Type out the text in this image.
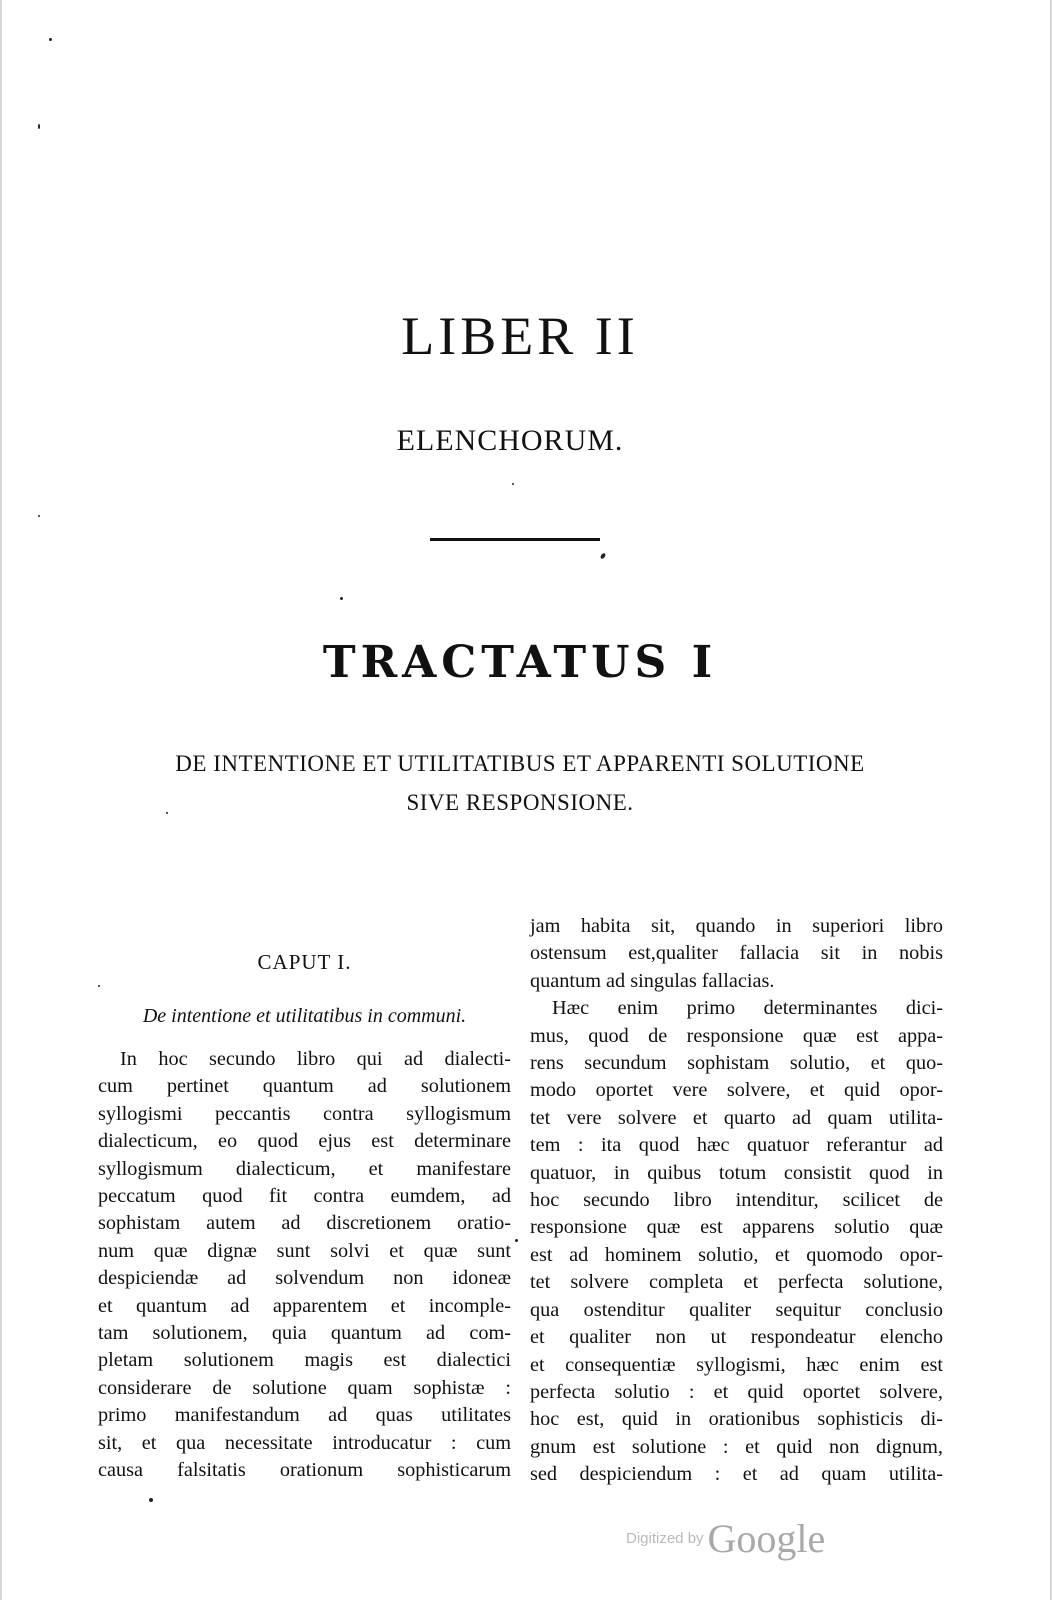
LIBER II
ELENCHORUM.
TRACTATUS I
DE INTENTIONE ET UTILITATIBUS ET APPARENTI SOLUTIONE
SIVE RESPONSIONE.
CAPUT I.
De intentione et utilitatibus in communi.
In hoc secundo libro qui ad dialecti-
cum pertinet quantum ad solutionem
syllogismi peccantis contra syllogismum
dialecticum, eo quod ejus est determinare
syllogismum dialecticum, et manifestare
peccatum quod fit contra eumdem, ad
sophistam autem ad discretionem oratio-
num quæ dignæ sunt solvi et quæ sunt
despiciendæ ad solvendum non idoneæ
et quantum ad apparentem et incomple-
tam solutionem, quia quantum ad com-
pletam solutionem magis est dialectici
considerare de solutione quam sophistæ :
primo manifestandum ad quas utilitates
sit, et qua necessitate introducatur : cum
causa falsitatis orationum sophisticarum
jam habita sit, quando in superiori libro
ostensum est,qualiter fallacia sit in nobis
quantum ad singulas fallacias.
Hæc enim primo determinantes dici-
mus, quod de responsione quæ est appa-
rens secundum sophistam solutio, et quo-
modo oportet vere solvere, et quid opor-
tet vere solvere et quarto ad quam utilita-
tem : ita quod hæc quatuor referantur ad
quatuor, in quibus totum consistit quod in
hoc secundo libro intenditur, scilicet de
responsione quæ est apparens solutio quæ
est ad hominem solutio, et quomodo opor-
tet solvere completa et perfecta solutione,
qua ostenditur qualiter sequitur conclusio
et qualiter non ut respondeatur elencho
et consequentiæ syllogismi, hæc enim est
perfecta solutio : et quid oportet solvere,
hoc est, quid in orationibus sophisticis di-
gnum est solutione : et quid non dignum,
sed despiciendum : et ad quam utilita-
Digitized by Google
